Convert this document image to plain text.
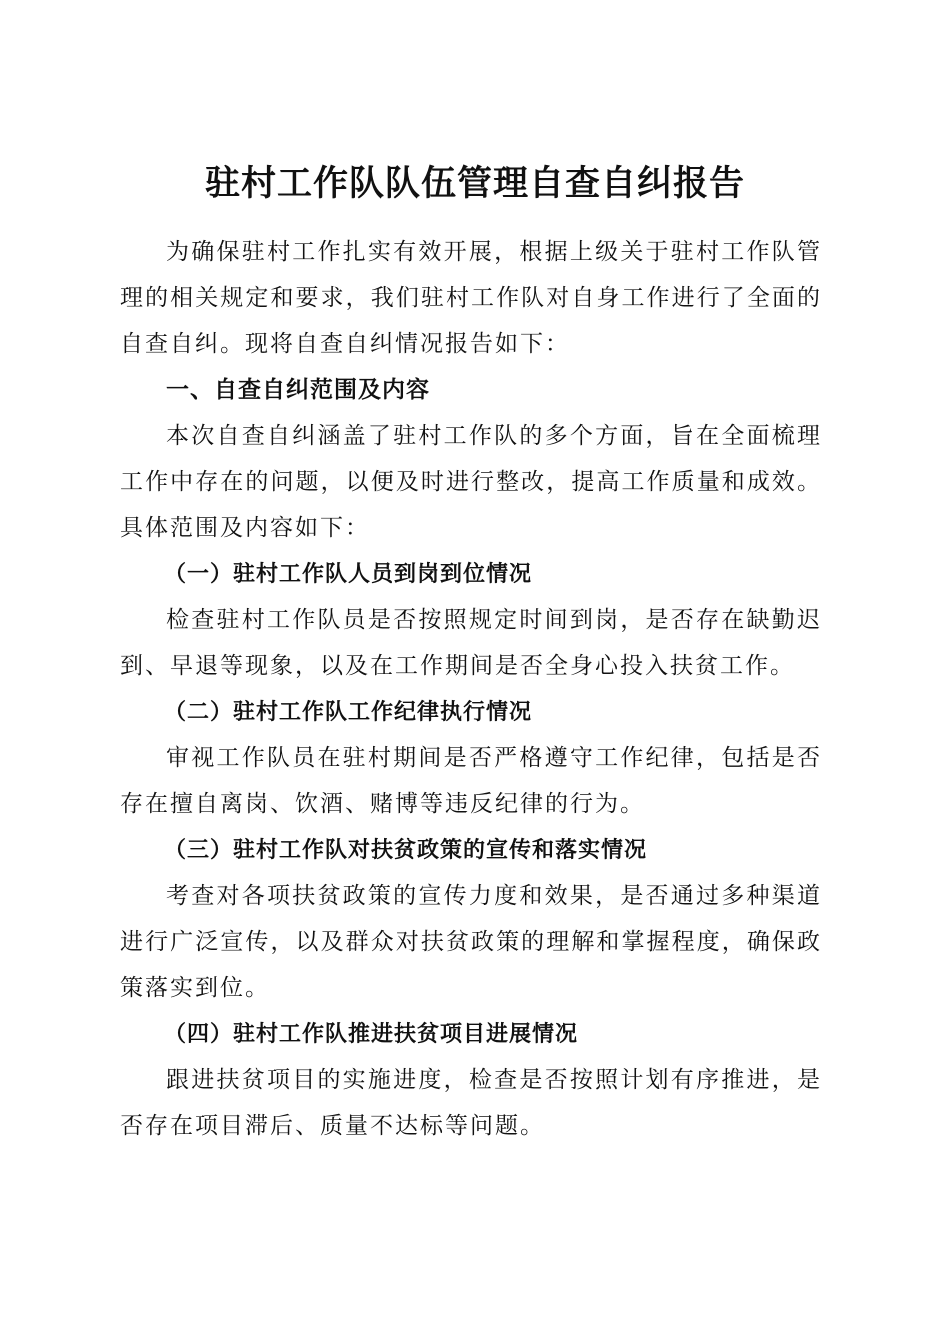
驻村工作队队伍管理自查自纠报告

为确保驻村工作扎实有效开展，根据上级关于驻村工作队管理的相关规定和要求，我们驻村工作队对自身工作进行了全面的自查自纠。现将自查自纠情况报告如下：

一、自查自纠范围及内容

本次自查自纠涵盖了驻村工作队的多个方面，旨在全面梳理工作中存在的问题，以便及时进行整改，提高工作质量和成效。具体范围及内容如下：

（一）驻村工作队人员到岗到位情况

检查驻村工作队员是否按照规定时间到岗，是否存在缺勤迟到、早退等现象，以及在工作期间是否全身心投入扶贫工作。

（二）驻村工作队工作纪律执行情况

审视工作队员在驻村期间是否严格遵守工作纪律，包括是否存在擅自离岗、饮酒、赌博等违反纪律的行为。

（三）驻村工作队对扶贫政策的宣传和落实情况

考查对各项扶贫政策的宣传力度和效果，是否通过多种渠道进行广泛宣传，以及群众对扶贫政策的理解和掌握程度，确保政策落实到位。

（四）驻村工作队推进扶贫项目进展情况

跟进扶贫项目的实施进度，检查是否按照计划有序推进，是否存在项目滞后、质量不达标等问题。
